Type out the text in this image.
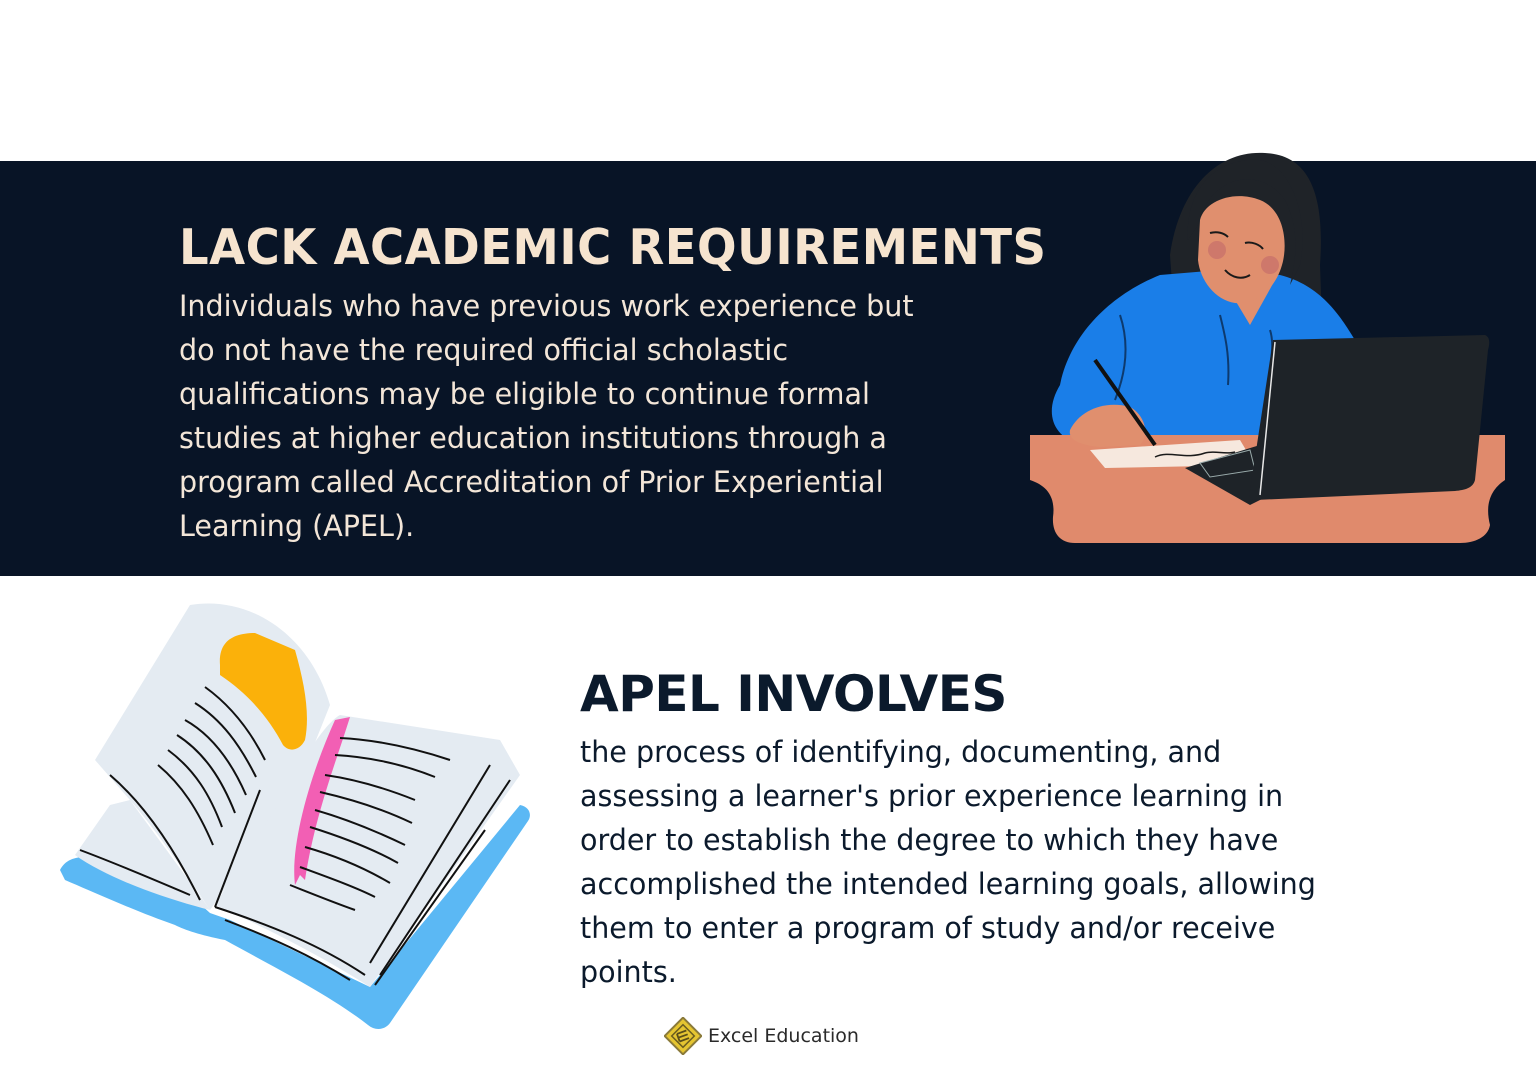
LACK ACADEMIC REQUIREMENTS
Individuals who have previous work experience but
do not have the required official scholastic
qualifications may be eligible to continue formal
studies at higher education institutions through a
program called Accreditation of Prior Experiential
Learning (APEL).
APEL INVOLVES
the process of identifying, documenting, and
assessing a learner's prior experience learning in
order to establish the degree to which they have
accomplished the intended learning goals, allowing
them to enter a program of study and/or receive
points.
Excel Education
